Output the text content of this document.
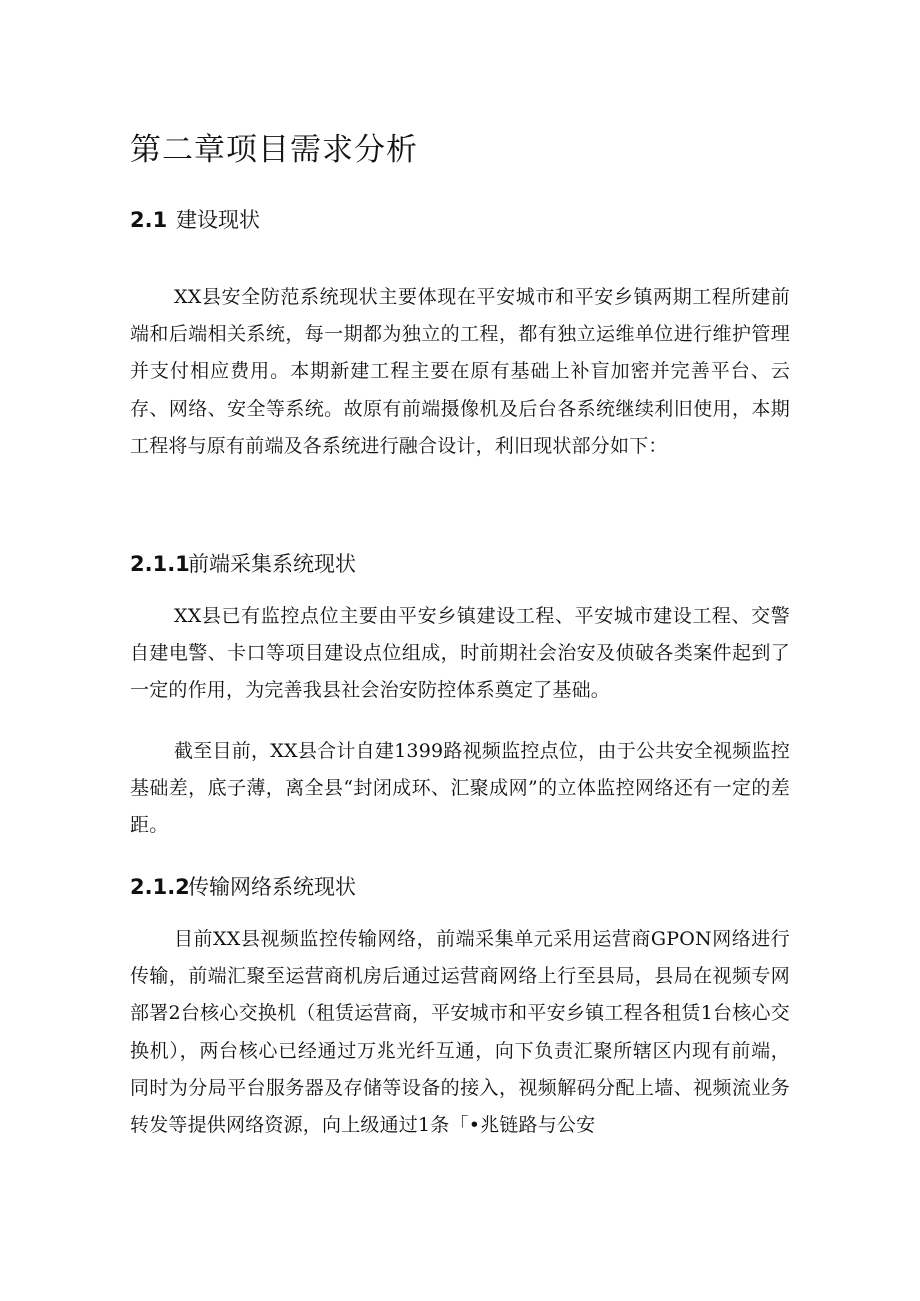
第二章项目需求分析
2.1 建设现状

XX县安全防范系统现状主要体现在平安城市和平安乡镇两期工程所建前端和后端相关系统，每一期都为独立的工程，都有独立运维单位进行维护管理并支付相应费用。本期新建工程主要在原有基础上补盲加密并完善平台、云存、网络、安全等系统。故原有前端摄像机及后台各系统继续利旧使用，本期工程将与原有前端及各系统进行融合设计，利旧现状部分如下：

2.1.1前端采集系统现状

XX县已有监控点位主要由平安乡镇建设工程、平安城市建设工程、交警自建电警、卡口等项目建设点位组成，时前期社会治安及侦破各类案件起到了一定的作用，为完善我县社会治安防控体系奠定了基础。

截至目前，XX县合计自建1399路视频监控点位，由于公共安全视频监控基础差，底子薄，离全县“封闭成环、汇聚成网”的立体监控网络还有一定的差距。

2.1.2传输网络系统现状

目前XX县视频监控传输网络，前端采集单元采用运营商GPON网络进行传输，前端汇聚至运营商机房后通过运营商网络上行至县局，县局在视频专网部署2台核心交换机（租赁运营商，平安城市和平安乡镇工程各租赁1台核心交换机），两台核心已经通过万兆光纤互通，向下负责汇聚所辖区内现有前端，同时为分局平台服务器及存储等设备的接入，视频解码分配上墙、视频流业务转发等提供网络资源，向上级通过1条「•兆链路与公安
